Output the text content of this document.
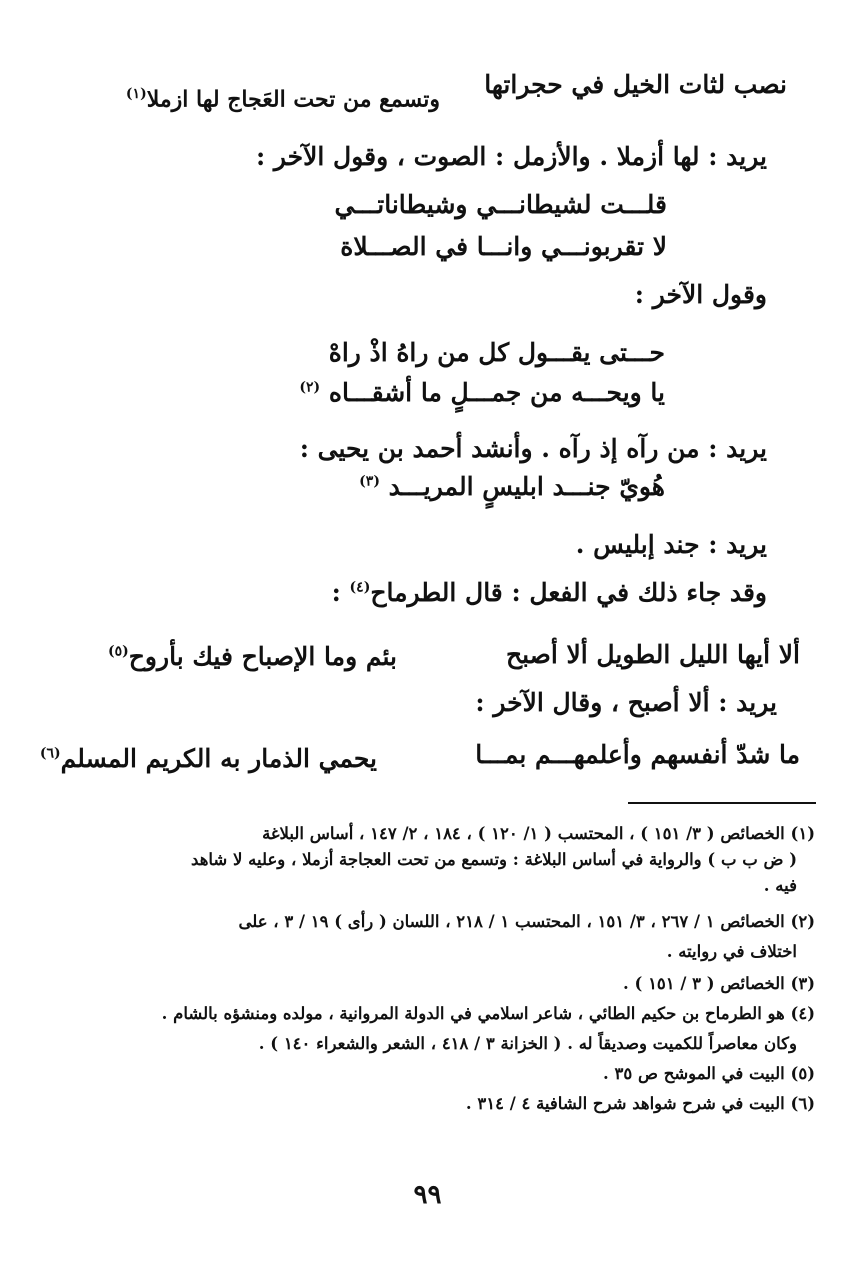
نصب لثات الخيل في حجراتها
وتسمع من تحت العَجاج لها ازملا$^{(١)}$
يريد : لها أزملا . والأزمل : الصوت ، وقول الآخر :
قلـــت لشيطانـــي وشيطاناتـــي
لا تقربونـــي وانـــا في الصـــلاة
وقول الآخر :
حـــتى يقـــول كل من راهُ اذْ راهْ
يا ويحـــه من جمـــلٍ ما أشقـــاه $^{(٢)}$
يريد : من رآه إذ رآه . وأنشد أحمد بن يحيى :
هُويّ جنـــد ابليسٍ المريـــد $^{(٣)}$
يريد : جند إبليس .
وقد جاء ذلك في الفعل : قال الطرماح$^{(٤)}$ :
ألا أيها الليل الطويل ألا أصبح
بئم وما الإصباح فيك بأروح$^{(٥)}$
يريد : ألا أصبح ، وقال الآخر :
ما شدّ أنفسهم وأعلمهـــم بمـــا
يحمي الذمار به الكريم المسلم$^{(٦)}$
(١) الخصائص ( ٣/ ١٥١ ) ، المحتسب ( ١/ ١٢٠ ) ، ١٨٤ ، ٢/ ١٤٧ ، أساس البلاغة
( ض ب ب ) والرواية في أساس البلاغة : وتسمع من تحت العجاجة أزملا ، وعليه لا شاهد
فيه .
(٢) الخصائص ١ / ٢٦٧ ، ٣/ ١٥١ ، المحتسب ١ / ٢١٨ ، اللسان ( رأى ) ١٩ / ٣ ، على
اختلاف في روايته .
(٣) الخصائص ( ٣ / ١٥١ ) .
(٤) هو الطرماح بن حكيم الطائي ، شاعر اسلامي في الدولة المروانية ، مولده ومنشؤه بالشام .
وكان معاصراً للكميت وصديقاً له . ( الخزانة ٣ / ٤١٨ ، الشعر والشعراء ١٤٠ ) .
(٥) البيت في الموشح ص ٣٥ .
(٦) البيت في شرح شواهد شرح الشافية ٤ / ٣١٤ .
٩٩
